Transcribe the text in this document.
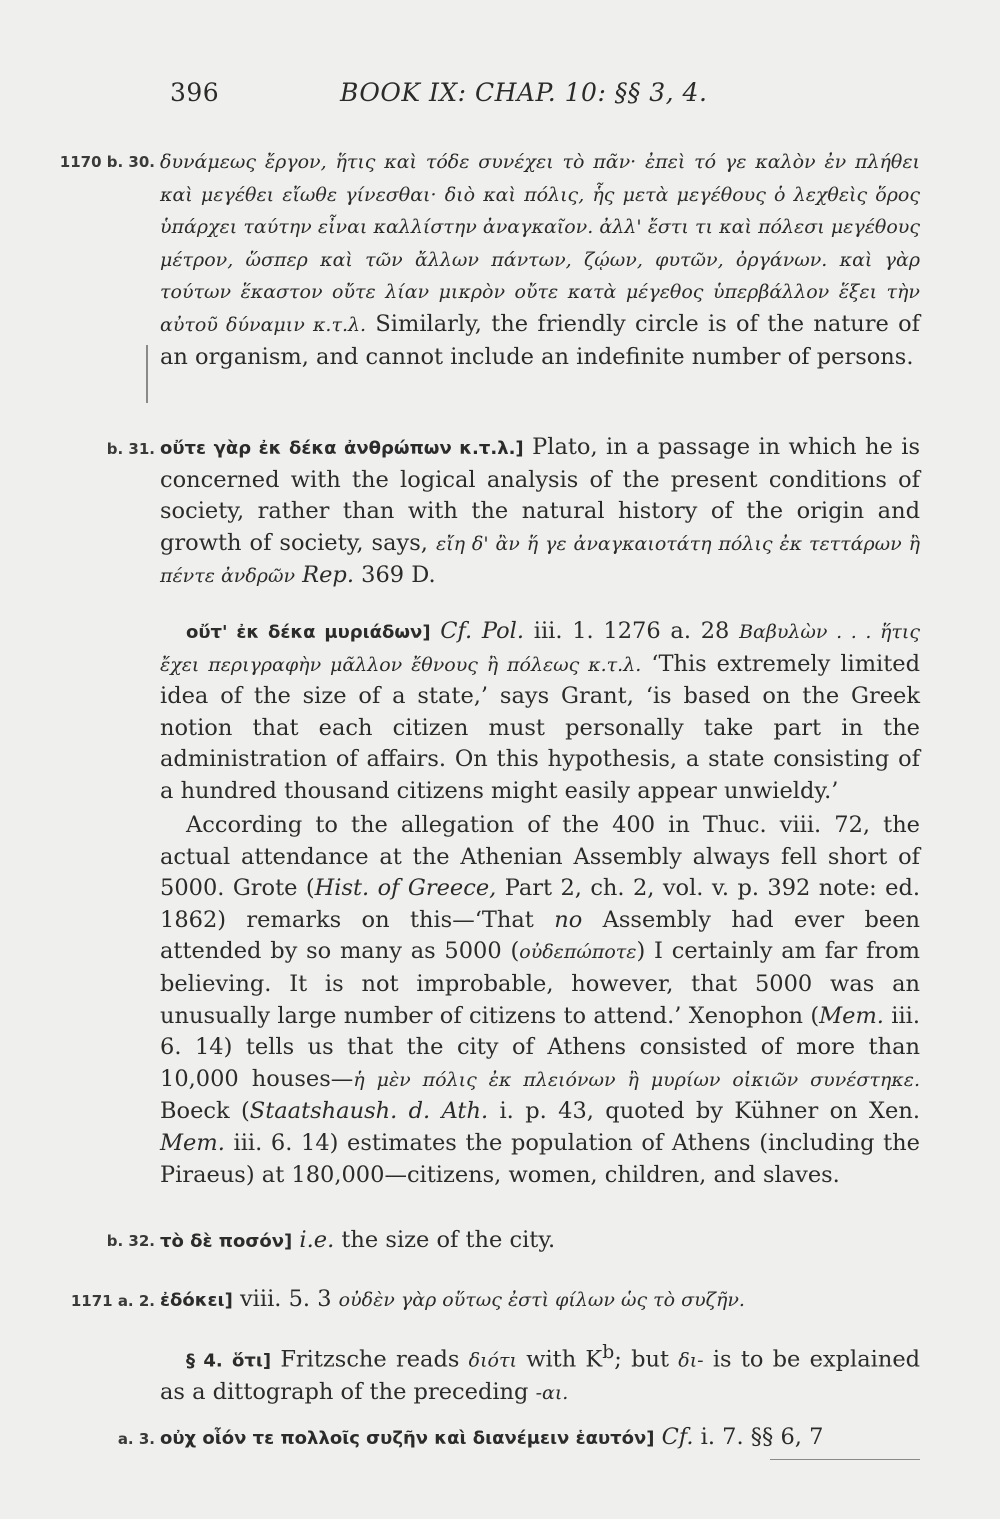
396	BOOK IX: CHAP. 10: §§ 3, 4.
1170 b. 30. δυνάμεως ἔργον, ἥτις καὶ τόδε συνέχει τὸ πᾶν· ἐπεὶ τό γε καλὸν ἐν πλήθει καὶ μεγέθει εἴωθε γίνεσθαι· διὸ καὶ πόλις, ἧς μετὰ μεγέθους ὁ λεχθεὶς ὅρος ὑπάρχει ταύτην εἶναι καλλίστην ἀναγκαῖον. ἀλλ' ἔστι τι καὶ πόλεσι μεγέθους μέτρον, ὥσπερ καὶ τῶν ἄλλων πάντων, ζῴων, φυτῶν, ὀργάνων. καὶ γὰρ τούτων ἕκαστον οὔτε λίαν μικρὸν οὔτε κατὰ μέγεθος ὑπερβάλλον ἕξει τὴν αὐτοῦ δύναμιν κ.τ.λ. Similarly, the friendly circle is of the nature of an organism, and cannot include an indefinite number of persons.
b. 31. οὔτε γὰρ ἐκ δέκα ἀνθρώπων κ.τ.λ.] Plato, in a passage in which he is concerned with the logical analysis of the present conditions of society, rather than with the natural history of the origin and growth of society, says, εἴη δ' ἂν ἥ γε ἀναγκαιοτάτη πόλις ἐκ τεττάρων ἢ πέντε ἀνδρῶν Rep. 369 D.
οὔτ' ἐκ δέκα μυριάδων] Cf. Pol. iii. 1. 1276 a. 28 Βαβυλὼν . . . ἥτις ἔχει περιγραφὴν μᾶλλον ἔθνους ἢ πόλεως κ.τ.λ. ‘This extremely limited idea of the size of a state,’ says Grant, ‘is based on the Greek notion that each citizen must personally take part in the administration of affairs. On this hypothesis, a state consisting of a hundred thousand citizens might easily appear unwieldy.’
According to the allegation of the 400 in Thuc. viii. 72, the actual attendance at the Athenian Assembly always fell short of 5000. Grote (Hist. of Greece, Part 2, ch. 2, vol. v. p. 392 note: ed. 1862) remarks on this—‘That no Assembly had ever been attended by so many as 5000 (οὐδεπώποτε) I certainly am far from believing. It is not improbable, however, that 5000 was an unusually large number of citizens to attend.’ Xenophon (Mem. iii. 6. 14) tells us that the city of Athens consisted of more than 10,000 houses—ἡ μὲν πόλις ἐκ πλειόνων ἢ μυρίων οἰκιῶν συνέστηκε. Boeck (Staatshaush. d. Ath. i. p. 43, quoted by Kühner on Xen. Mem. iii. 6. 14) estimates the population of Athens (including the Piraeus) at 180,000—citizens, women, children, and slaves.
b. 32. τὸ δὲ ποσόν] i.e. the size of the city.
1171 a. 2. ἐδόκει] viii. 5. 3 οὐδὲν γὰρ οὕτως ἐστὶ φίλων ὡς τὸ συζῆν.
§ 4. ὅτι] Fritzsche reads διότι with $K^b$; but δι- is to be explained as a dittograph of the preceding -αι.
a. 3. οὐχ οἷόν τε πολλοῖς συζῆν καὶ διανέμειν ἑαυτόν] Cf. i. 7. §§ 6, 7
